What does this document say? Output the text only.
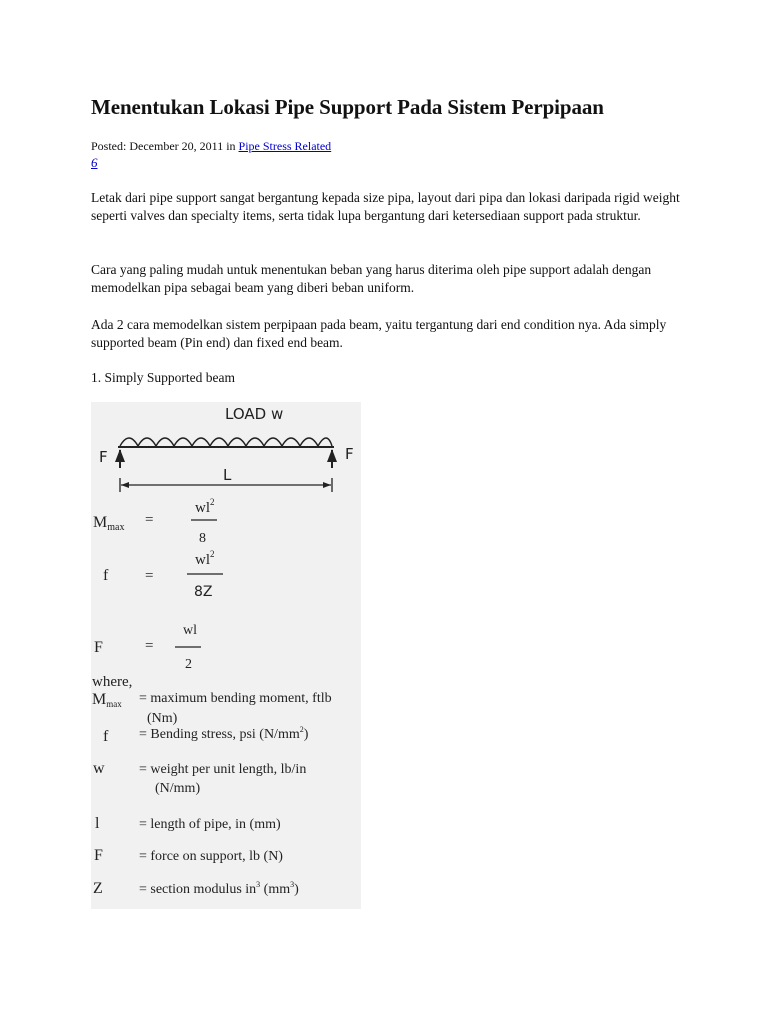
Menentukan Lokasi Pipe Support Pada Sistem Perpipaan
Posted: December 20, 2011 in Pipe Stress Related
6

Letak dari pipe support sangat bergantung kepada size pipa, layout dari pipa dan lokasi daripada rigid weight seperti valves dan specialty items, serta tidak lupa bergantung dari ketersediaan support pada struktur.

Cara yang paling mudah untuk menentukan beban yang harus diterima oleh pipe support adalah dengan memodelkan pipa sebagai beam yang diberi beban uniform.

Ada 2 cara memodelkan sistem perpipaan pada beam, yaitu tergantung dari end condition nya. Ada simply supported beam (Pin end) dan fixed end beam.

1. Simply Supported beam

LOAD w
F	F
L
Mmax =
$wl^2$
8
f =
$wl^2$
8Z
F	=
wl
2
where,
Mmax = maximum bending moment, ftlb
(Nm)
f = Bending stress, psi $(N/mm^2)$
w = weight per unit length, lb/in
(N/mm)
l	= length of pipe, in (mm)
F	= force on support, lb (N)
Z	= section modulus $in^3$ $(mm^3)$
